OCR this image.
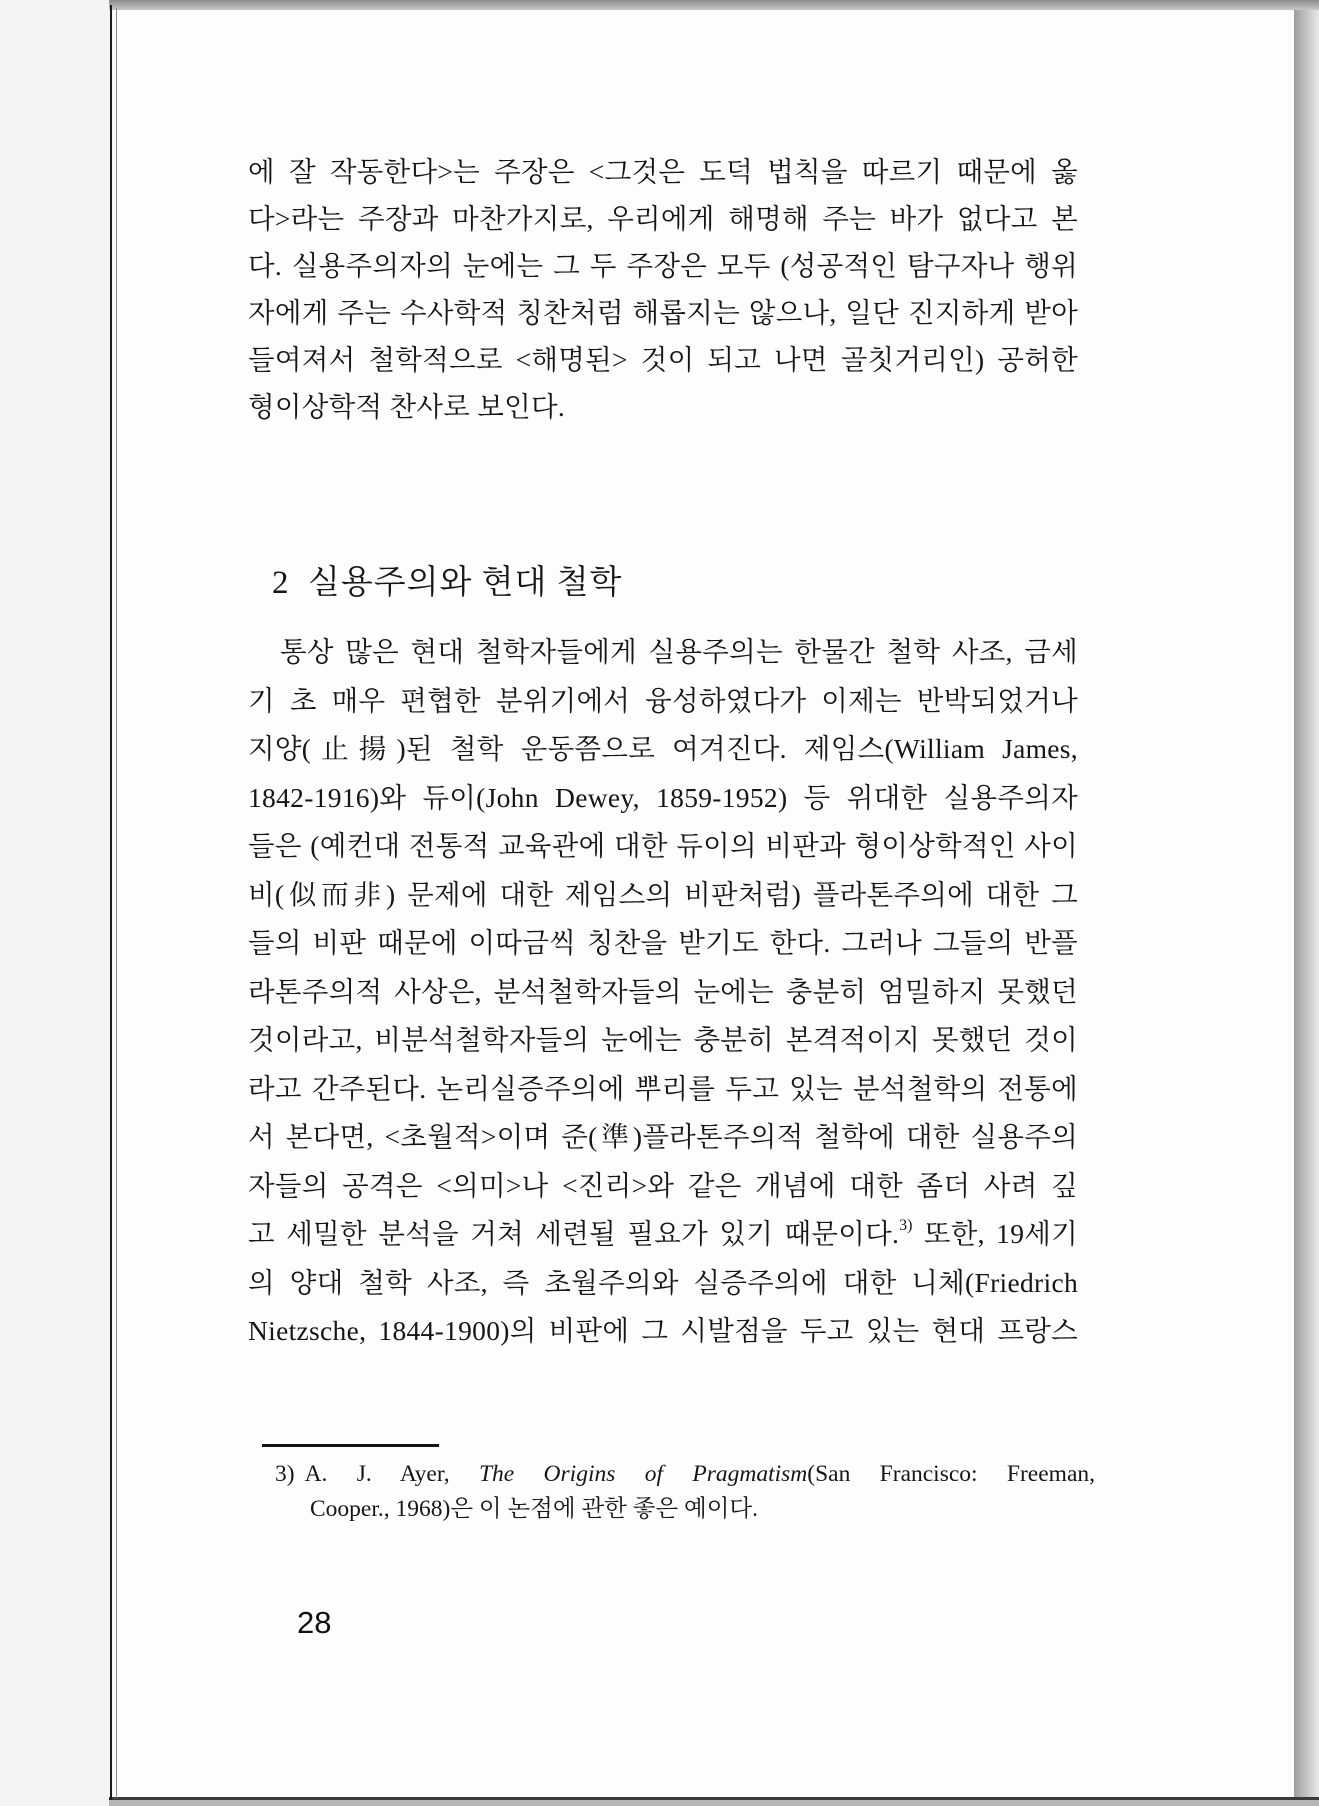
에 잘 작동한다>는 주장은 <그것은 도덕 법칙을 따르기 때문에 옳
다>라는 주장과 마찬가지로, 우리에게 해명해 주는 바가 없다고 본
다. 실용주의자의 눈에는 그 두 주장은 모두 (성공적인 탐구자나 행위
자에게 주는 수사학적 칭찬처럼 해롭지는 않으나, 일단 진지하게 받아
들여져서 철학적으로 <해명된> 것이 되고 나면 골칫거리인) 공허한
형이상학적 찬사로 보인다.
2  실용주의와 현대 철학
통상 많은 현대 철학자들에게 실용주의는 한물간 철학 사조, 금세
기 초 매우 편협한 분위기에서 융성하였다가 이제는 반박되었거나
지양(止揚)된 철학 운동쯤으로 여겨진다. 제임스(William James,
1842-1916)와 듀이(John Dewey, 1859-1952) 등 위대한 실용주의자
들은 (예컨대 전통적 교육관에 대한 듀이의 비판과 형이상학적인 사이
비(似而非) 문제에 대한 제임스의 비판처럼) 플라톤주의에 대한 그
들의 비판 때문에 이따금씩 칭찬을 받기도 한다. 그러나 그들의 반플
라톤주의적 사상은, 분석철학자들의 눈에는 충분히 엄밀하지 못했던
것이라고, 비분석철학자들의 눈에는 충분히 본격적이지 못했던 것이
라고 간주된다. 논리실증주의에 뿌리를 두고 있는 분석철학의 전통에
서 본다면, <초월적>이며 준(準)플라톤주의적 철학에 대한 실용주의
자들의 공격은 <의미>나 <진리>와 같은 개념에 대한 좀더 사려 깊
고 세밀한 분석을 거쳐 세련될 필요가 있기 때문이다.$^{3)}$ 또한, 19세기
의 양대 철학 사조, 즉 초월주의와 실증주의에 대한 니체(Friedrich
Nietzsche, 1844-1900)의 비판에 그 시발점을 두고 있는 현대 프랑스
3) A. J. Ayer, The Origins of Pragmatism(San Francisco: Freeman,
Cooper., 1968)은 이 논점에 관한 좋은 예이다.
28
